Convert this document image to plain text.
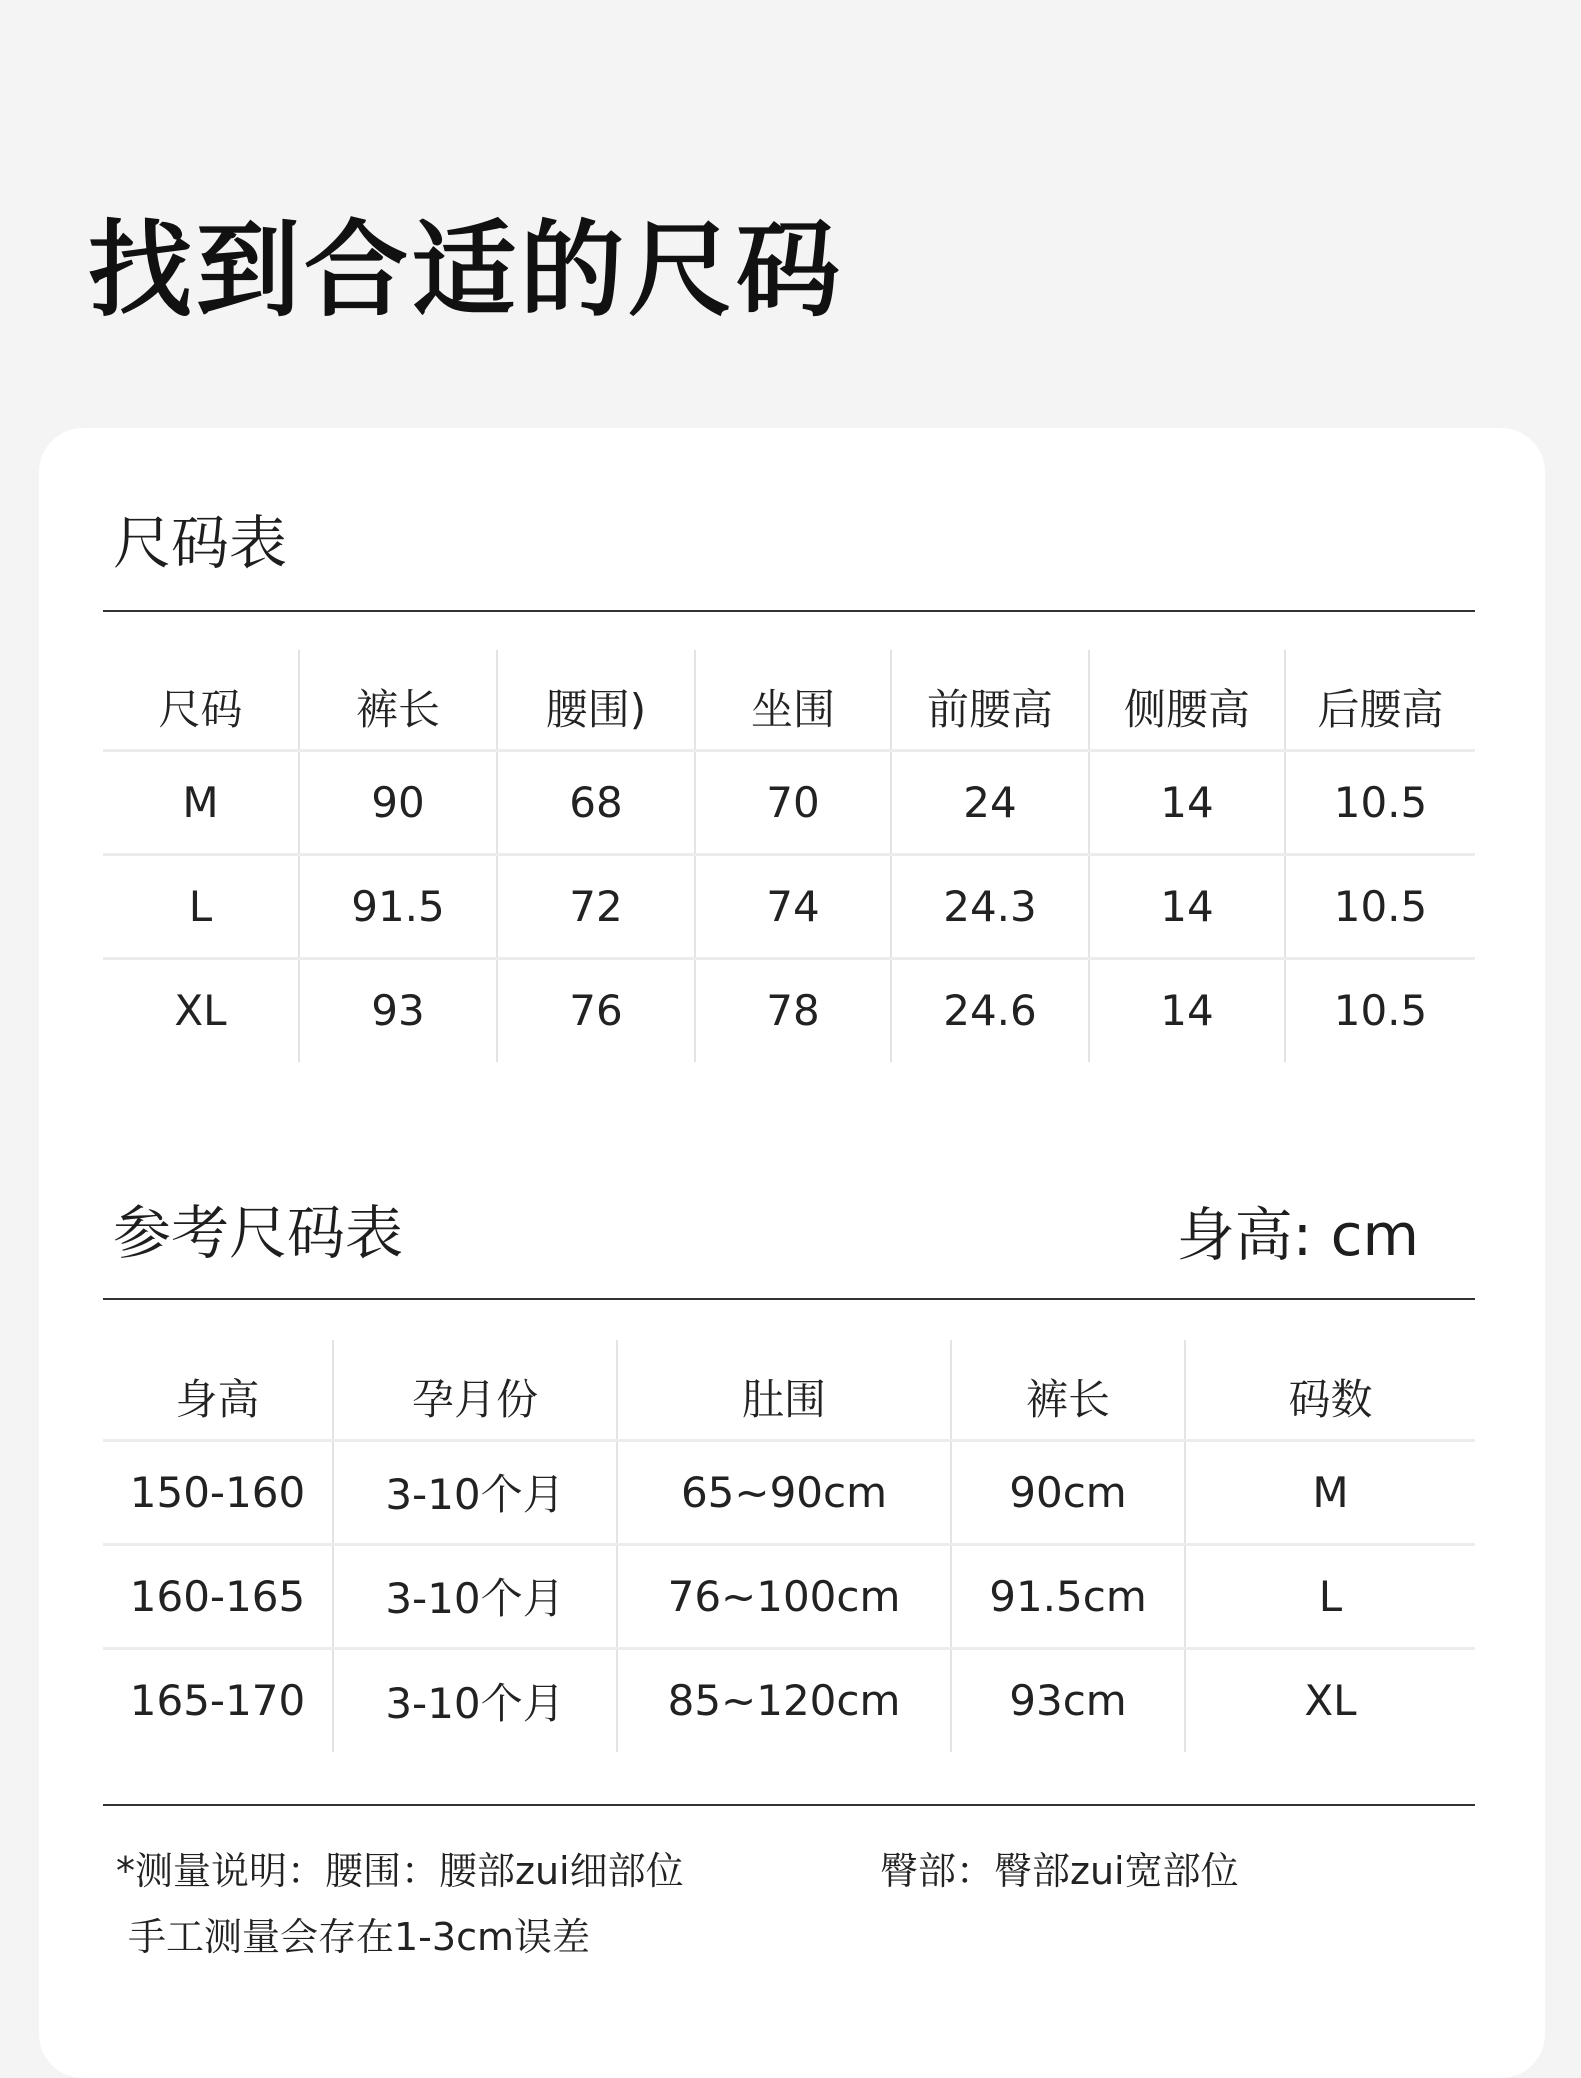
找到合适的尺码
尺码表
尺码	裤长	腰围)	坐围	前腰高	侧腰高	后腰高
M	90	68	70	24	14	10.5
L	91.5	72	74	24.3	14	10.5
XL	93	76	78	24.6	14	10.5
参考尺码表	身高: cm
身高	孕月份	肚围	裤长	码数
150-160	3-10个月	65~90cm	90cm	M
160-165	3-10个月	76~100cm	91.5cm	L
165-170	3-10个月	85~120cm	93cm	XL
*测量说明：腰围：腰部zui细部位	臀部：臀部zui宽部位
手工测量会存在1-3cm误差
